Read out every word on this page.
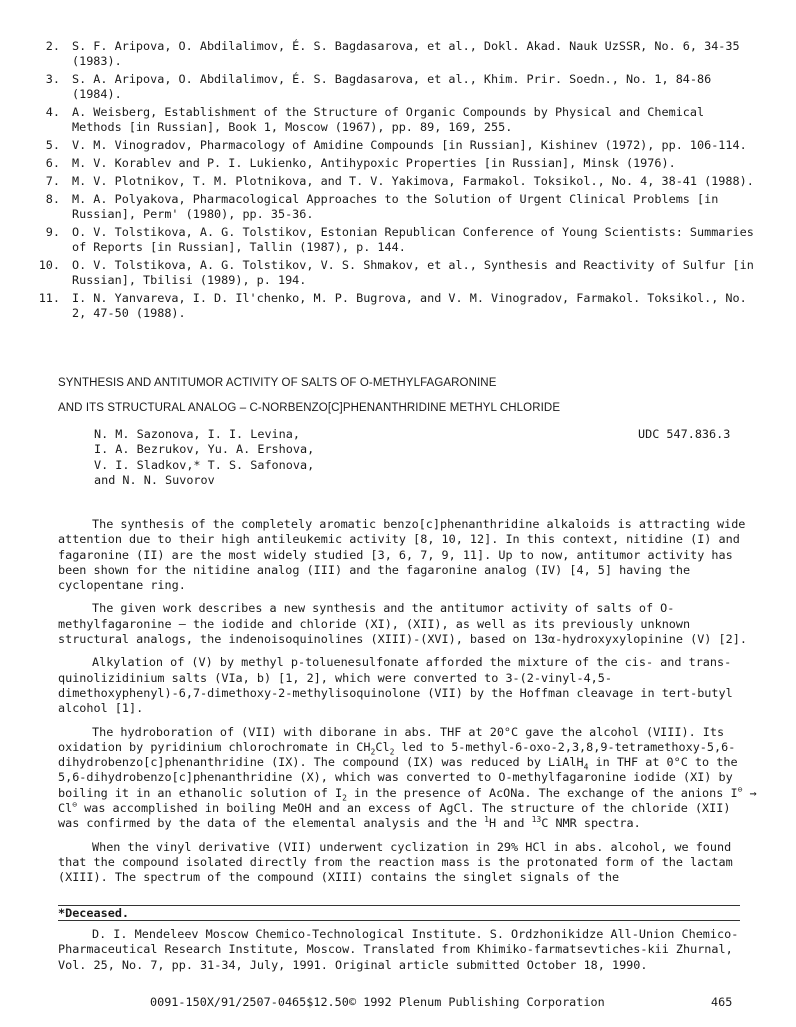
2. S. F. Aripova, O. Abdilalimov, É. S. Bagdasarova, et al., Dokl. Akad. Nauk UzSSR, No. 6, 34-35 (1983).
3. S. A. Aripova, O. Abdilalimov, É. S. Bagdasarova, et al., Khim. Prir. Soedn., No. 1, 84-86 (1984).
4. A. Weisberg, Establishment of the Structure of Organic Compounds by Physical and Chemical Methods [in Russian], Book 1, Moscow (1967), pp. 89, 169, 255.
5. V. M. Vinogradov, Pharmacology of Amidine Compounds [in Russian], Kishinev (1972), pp. 106-114.
6. M. V. Korablev and P. I. Lukienko, Antihypoxic Properties [in Russian], Minsk (1976).
7. M. V. Plotnikov, T. M. Plotnikova, and T. V. Yakimova, Farmakol. Toksikol., No. 4, 38-41 (1988).
8. M. A. Polyakova, Pharmacological Approaches to the Solution of Urgent Clinical Problems [in Russian], Perm' (1980), pp. 35-36.
9. O. V. Tolstikova, A. G. Tolstikov, Estonian Republican Conference of Young Scientists: Summaries of Reports [in Russian], Tallin (1987), p. 144.
10. O. V. Tolstikova, A. G. Tolstikov, V. S. Shmakov, et al., Synthesis and Reactivity of Sulfur [in Russian], Tbilisi (1989), p. 194.
11. I. N. Yanvareva, I. D. Il'chenko, M. P. Bugrova, and V. M. Vinogradov, Farmakol. Toksikol., No. 2, 47-50 (1988).
SYNTHESIS AND ANTITUMOR ACTIVITY OF SALTS OF O-METHYLFAGARONINE
AND ITS STRUCTURAL ANALOG – C-NORBENZO[C]PHENANTHRIDINE METHYL CHLORIDE
N. M. Sazonova, I. I. Levina,
I. A. Bezrukov, Yu. A. Ershova,
V. I. Sladkov,* T. S. Safonova,
and N. N. Suvorov
UDC 547.836.3

The synthesis of the completely aromatic benzo[c]phenanthridine alkaloids is attracting wide attention due to their high antileukemic activity [8, 10, 12]. In this context, nitidine (I) and fagaronine (II) are the most widely studied [3, 6, 7, 9, 11]. Up to now, antitumor activity has been shown for the nitidine analog (III) and the fagaronine analog (IV) [4, 5] having the cyclopentane ring.

The given work describes a new synthesis and the antitumor activity of salts of O-methylfagaronine – the iodide and chloride (XI), (XII), as well as its previously unknown structural analogs, the indenoisoquinolines (XIII)-(XVI), based on 13α-hydroxyxylopinine (V) [2].

Alkylation of (V) by methyl p-toluenesulfonate afforded the mixture of the cis- and trans-quinolizidinium salts (VIa, b) [1, 2], which were converted to 3-(2-vinyl-4,5-dimethoxyphenyl)-6,7-dimethoxy-2-methylisoquinolone (VII) by the Hoffman cleavage in tert-butyl alcohol [1].

The hydroboration of (VII) with diborane in abs. THF at 20°C gave the alcohol (VIII). Its oxidation by pyridinium chlorochromate in $CH_2Cl_2$ led to 5-methyl-6-oxo-2,3,8,9-tetramethoxy-5,6-dihydrobenzo[c]phenanthridine (IX). The compound (IX) was reduced by LiAlH$_4$ in THF at 0°C to the 5,6-dihydrobenzo[c]phenanthridine (X), which was converted to O-methylfagaronine iodide (XI) by boiling it in an ethanolic solution of $I_2$ in the presence of AcONa. The exchange of the anions I⊖ → Cl⊖ was accomplished in boiling MeOH and an excess of AgCl. The structure of the chloride (XII) was confirmed by the data of the elemental analysis and the $^1$H and $^{13}$C NMR spectra.

When the vinyl derivative (VII) underwent cyclization in 29% HCl in abs. alcohol, we found that the compound isolated directly from the reaction mass is the protonated form of the lactam (XIII). The spectrum of the compound (XIII) contains the singlet signals of the

*Deceased.
D. I. Mendeleev Moscow Chemico-Technological Institute. S. Ordzhonikidze All-Union Chemico-Pharmaceutical Research Institute, Moscow. Translated from Khimiko-farmatsevtiches-kii Zhurnal, Vol. 25, No. 7, pp. 31-34, July, 1991. Original article submitted October 18, 1990.
0091-150X/91/2507-0465$12.50 © 1992 Plenum Publishing Corporation	465
